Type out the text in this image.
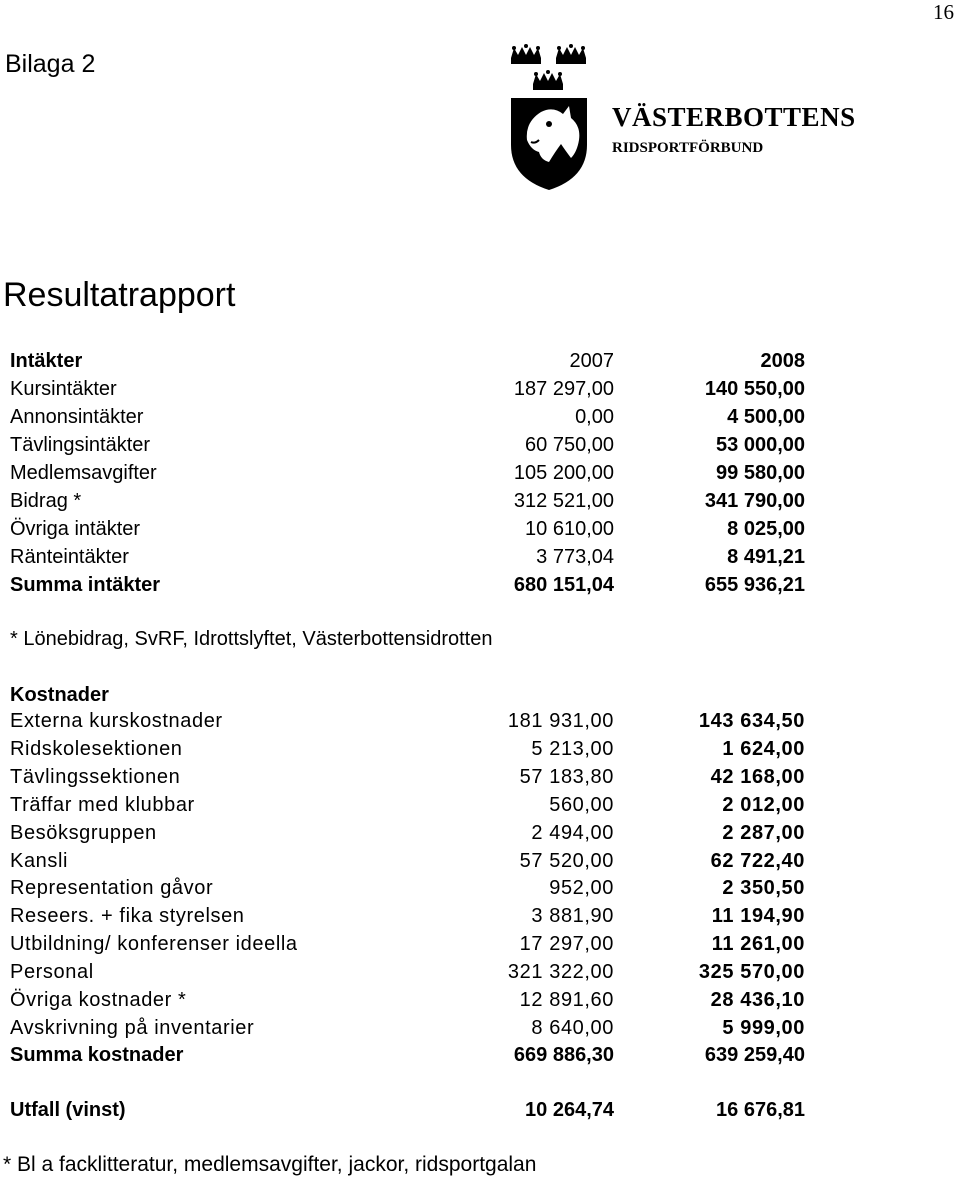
16
Bilaga 2
VÄSTERBOTTENS
RIDSPORTFÖRBUND
Resultatrapport
Intäkter	2007	2008
Kursintäkter	187 297,00	140 550,00
Annonsintäkter	0,00	4 500,00
Tävlingsintäkter	60 750,00	53 000,00
Medlemsavgifter	105 200,00	99 580,00
Bidrag *	312 521,00	341 790,00
Övriga intäkter	10 610,00	8 025,00
Ränteintäkter	3 773,04	8 491,21
Summa intäkter	680 151,04	655 936,21
* Lönebidrag, SvRF, Idrottslyftet, Västerbottensidrotten
Kostnader
Externa kurskostnader	181 931,00	143 634,50
Ridskolesektionen	5 213,00	1 624,00
Tävlingssektionen	57 183,80	42 168,00
Träffar med klubbar	560,00	2 012,00
Besöksgruppen	2 494,00	2 287,00
Kansli	57 520,00	62 722,40
Representation gåvor	952,00	2 350,50
Reseers. + fika styrelsen	3 881,90	11 194,90
Utbildning/ konferenser ideella	17 297,00	11 261,00
Personal	321 322,00	325 570,00
Övriga kostnader *	12 891,60	28 436,10
Avskrivning på inventarier	8 640,00	5 999,00
Summa kostnader	669 886,30	639 259,40
Utfall (vinst)	10 264,74	16 676,81
* Bl a facklitteratur, medlemsavgifter, jackor, ridsportgalan
